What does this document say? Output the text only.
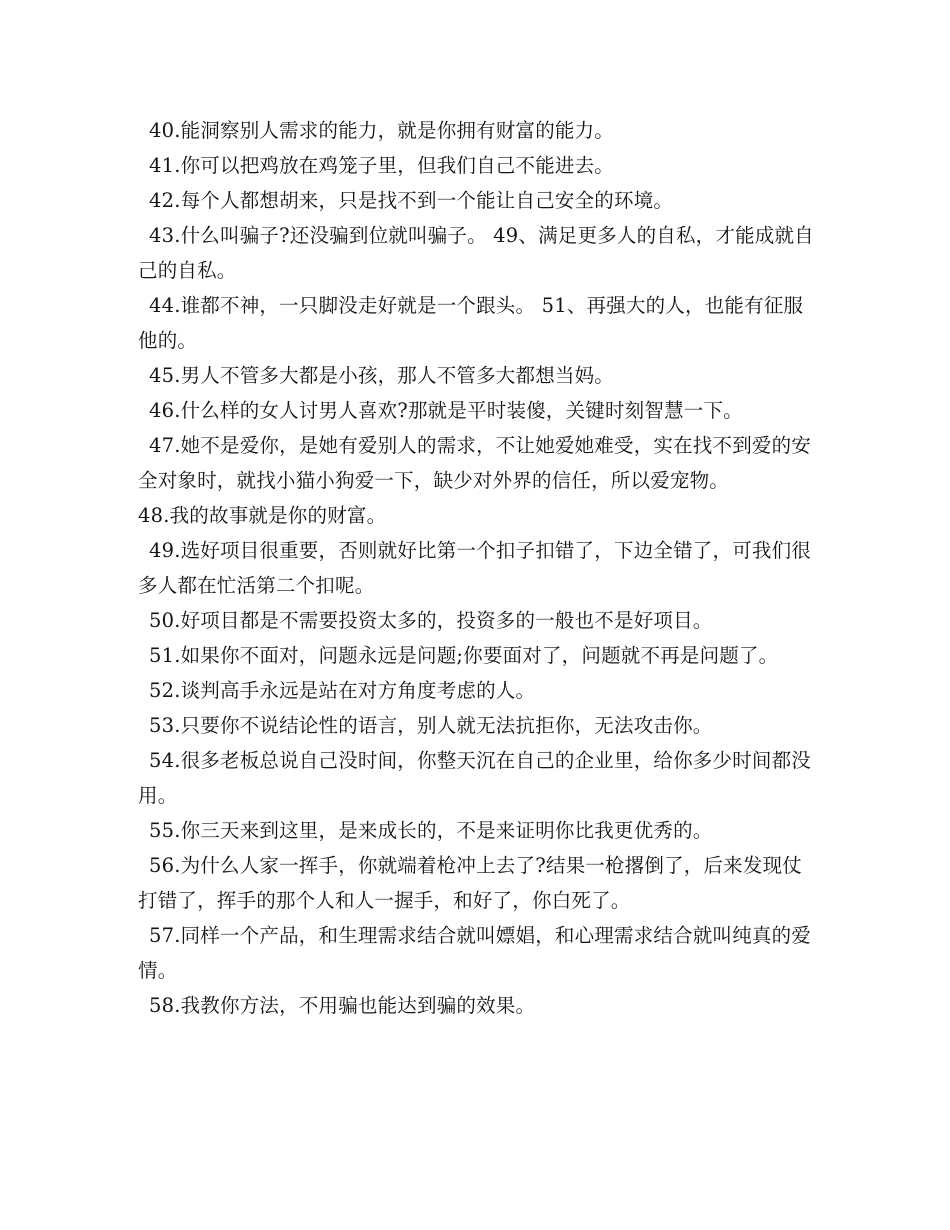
40.能洞察别人需求的能力，就是你拥有财富的能力。

41.你可以把鸡放在鸡笼子里，但我们自己不能进去。

42.每个人都想胡来，只是找不到一个能让自己安全的环境。

43.什么叫骗子?还没骗到位就叫骗子。 49、满足更多人的自私，才能成就自己的自私。

44.谁都不神，一只脚没走好就是一个跟头。 51、再强大的人，也能有征服他的。

45.男人不管多大都是小孩，那人不管多大都想当妈。

46.什么样的女人讨男人喜欢?那就是平时装傻，关键时刻智慧一下。

47.她不是爱你，是她有爱别人的需求，不让她爱她难受，实在找不到爱的安全对象时，就找小猫小狗爱一下，缺少对外界的信任，所以爱宠物。

48.我的故事就是你的财富。

49.选好项目很重要，否则就好比第一个扣子扣错了，下边全错了，可我们很多人都在忙活第二个扣呢。

50.好项目都是不需要投资太多的，投资多的一般也不是好项目。

51.如果你不面对，问题永远是问题;你要面对了，问题就不再是问题了。

52.谈判高手永远是站在对方角度考虑的人。

53.只要你不说结论性的语言，别人就无法抗拒你，无法攻击你。

54.很多老板总说自己没时间，你整天沉在自己的企业里，给你多少时间都没用。

55.你三天来到这里，是来成长的，不是来证明你比我更优秀的。

56.为什么人家一挥手，你就端着枪冲上去了?结果一枪撂倒了，后来发现仗打错了，挥手的那个人和人一握手，和好了，你白死了。

57.同样一个产品，和生理需求结合就叫嫖娼，和心理需求结合就叫纯真的爱情。

58.我教你方法，不用骗也能达到骗的效果。
